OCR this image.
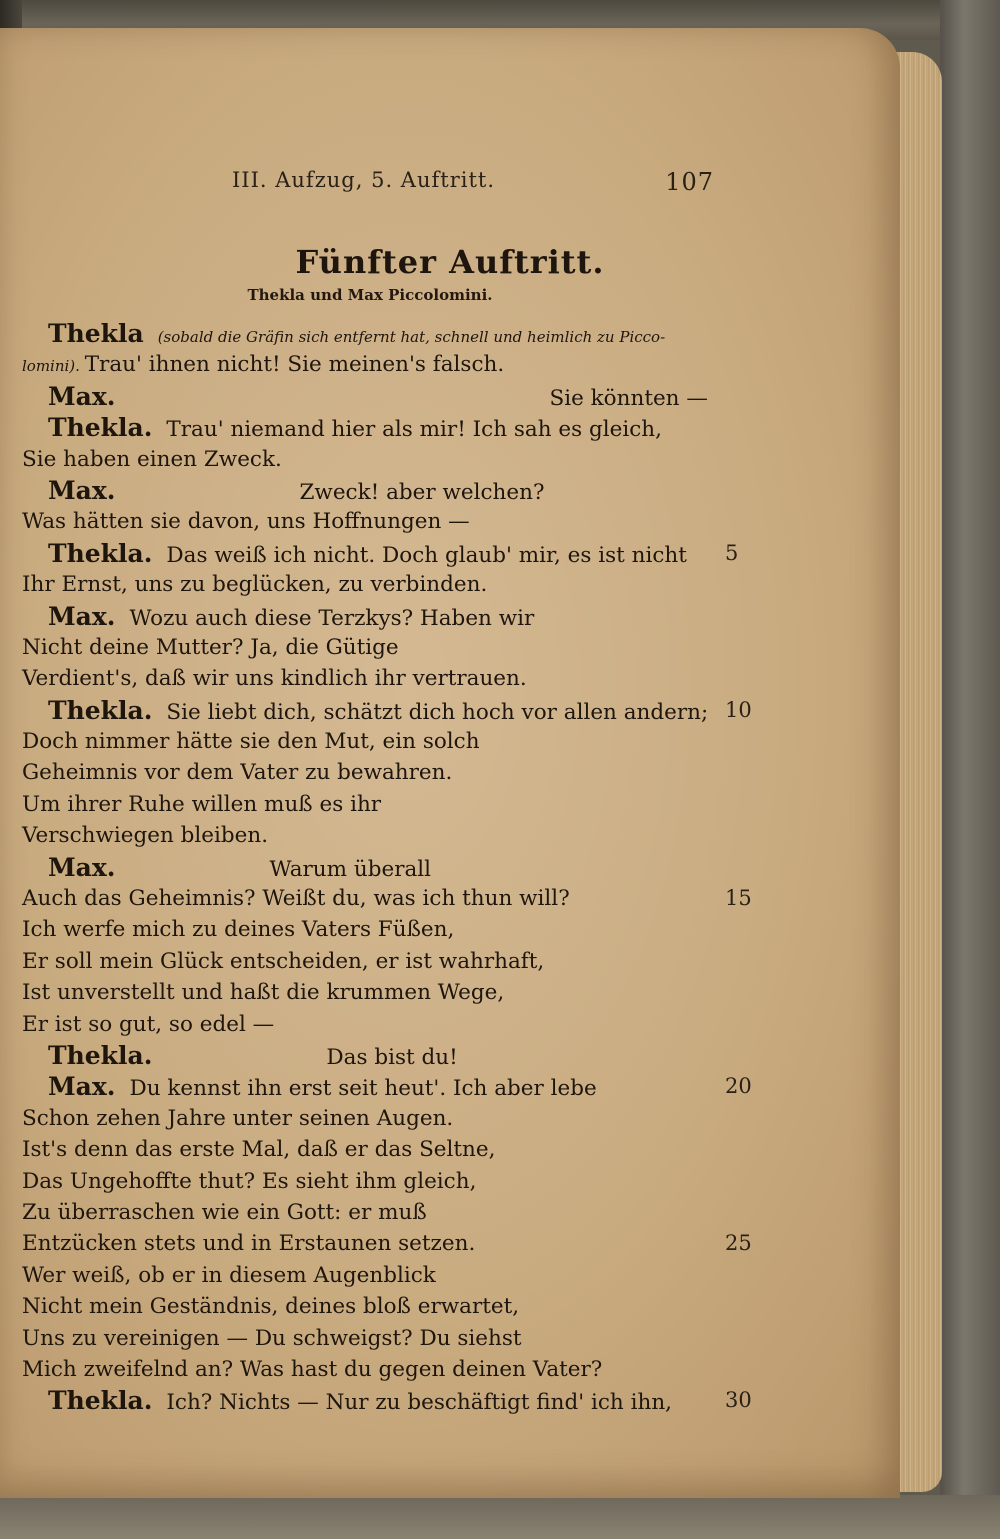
III. Aufzug, 5. Auftritt.	107
Fünfter Auftritt.
Thekla und Max Piccolomini.
Thekla (sobald die Gräfin sich entfernt hat, schnell und heimlich zu Picco-
lomini). Trau' ihnen nicht! Sie meinen's falsch.
Max.	Sie könnten —
Thekla. Trau' niemand hier als mir! Ich sah es gleich,
Sie haben einen Zweck.
Max.	Zweck! aber welchen?
Was hätten sie davon, uns Hoffnungen —
Thekla. Das weiß ich nicht. Doch glaub' mir, es ist nicht 5
Ihr Ernst, uns zu beglücken, zu verbinden.
Max. Wozu auch diese Terzkys? Haben wir
Nicht deine Mutter? Ja, die Gütige
Verdient's, daß wir uns kindlich ihr vertrauen.
Thekla. Sie liebt dich, schätzt dich hoch vor allen andern; 10
Doch nimmer hätte sie den Mut, ein solch
Geheimnis vor dem Vater zu bewahren.
Um ihrer Ruhe willen muß es ihr
Verschwiegen bleiben.
Max.	Warum überall
Auch das Geheimnis? Weißt du, was ich thun will?	15
Ich werfe mich zu deines Vaters Füßen,
Er soll mein Glück entscheiden, er ist wahrhaft,
Ist unverstellt und haßt die krummen Wege,
Er ist so gut, so edel —
Thekla.	Das bist du!
Max. Du kennst ihn erst seit heut'. Ich aber lebe	20
Schon zehen Jahre unter seinen Augen.
Ist's denn das erste Mal, daß er das Seltne,
Das Ungehoffte thut? Es sieht ihm gleich,
Zu überraschen wie ein Gott: er muß
Entzücken stets und in Erstaunen setzen.	25
Wer weiß, ob er in diesem Augenblick
Nicht mein Geständnis, deines bloß erwartet,
Uns zu vereinigen — Du schweigst? Du siehst
Mich zweifelnd an? Was hast du gegen deinen Vater?
Thekla. Ich? Nichts — Nur zu beschäftigt find' ich ihn,	30
